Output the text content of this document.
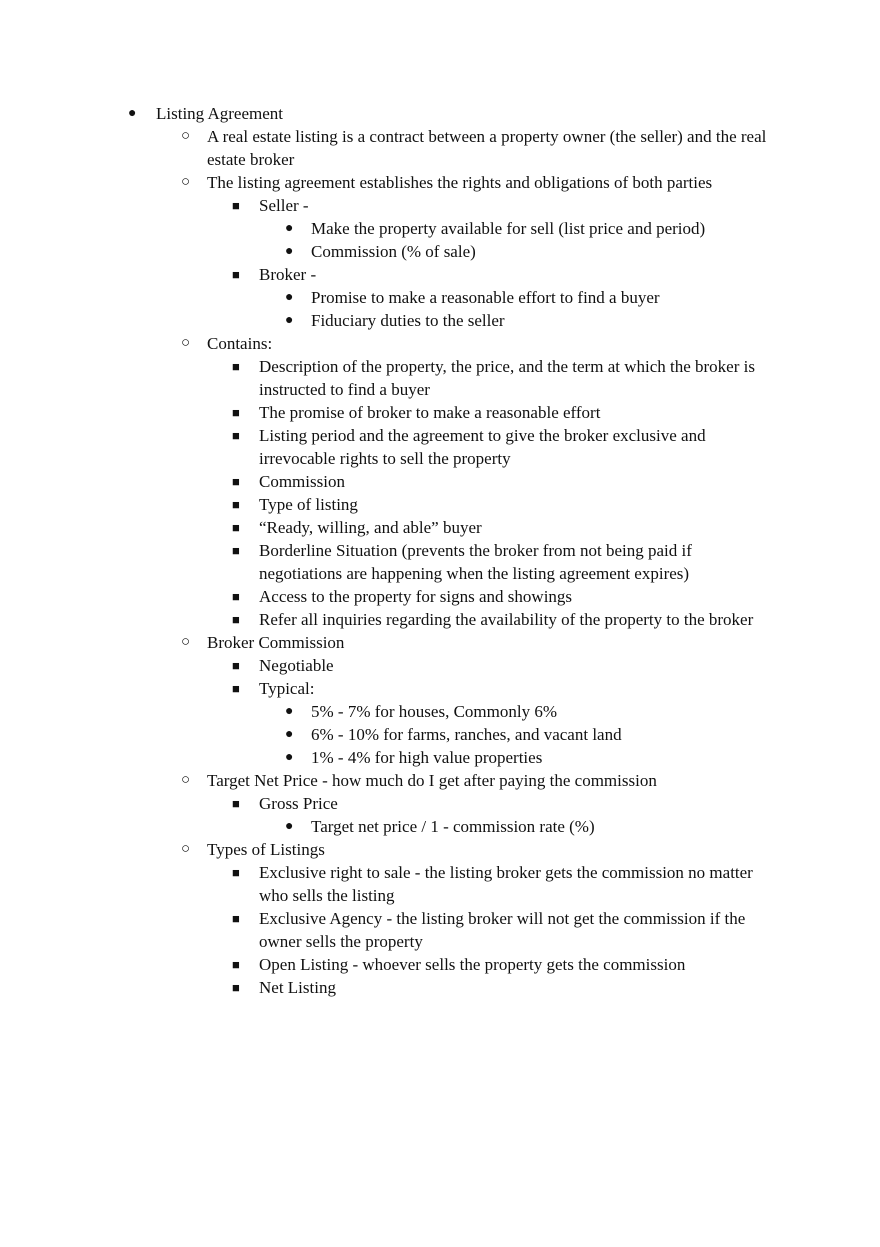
● Listing Agreement
○ A real estate listing is a contract between a property owner (the seller) and the real estate broker
○ The listing agreement establishes the rights and obligations of both parties
■ Seller -
● Make the property available for sell (list price and period)
● Commission (% of sale)
■ Broker -
● Promise to make a reasonable effort to find a buyer
● Fiduciary duties to the seller
○ Contains:
■ Description of the property, the price, and the term at which the broker is instructed to find a buyer
■ The promise of broker to make a reasonable effort
■ Listing period and the agreement to give the broker exclusive and irrevocable rights to sell the property
■ Commission
■ Type of listing
■ “Ready, willing, and able” buyer
■ Borderline Situation (prevents the broker from not being paid if negotiations are happening when the listing agreement expires)
■ Access to the property for signs and showings
■ Refer all inquiries regarding the availability of the property to the broker
○ Broker Commission
■ Negotiable
■ Typical:
● 5% - 7% for houses, Commonly 6%
● 6% - 10% for farms, ranches, and vacant land
● 1% - 4% for high value properties
○ Target Net Price - how much do I get after paying the commission
■ Gross Price
● Target net price / 1 - commission rate (%)
○ Types of Listings
■ Exclusive right to sale - the listing broker gets the commission no matter who sells the listing
■ Exclusive Agency - the listing broker will not get the commission if the owner sells the property
■ Open Listing - whoever sells the property gets the commission
■ Net Listing
